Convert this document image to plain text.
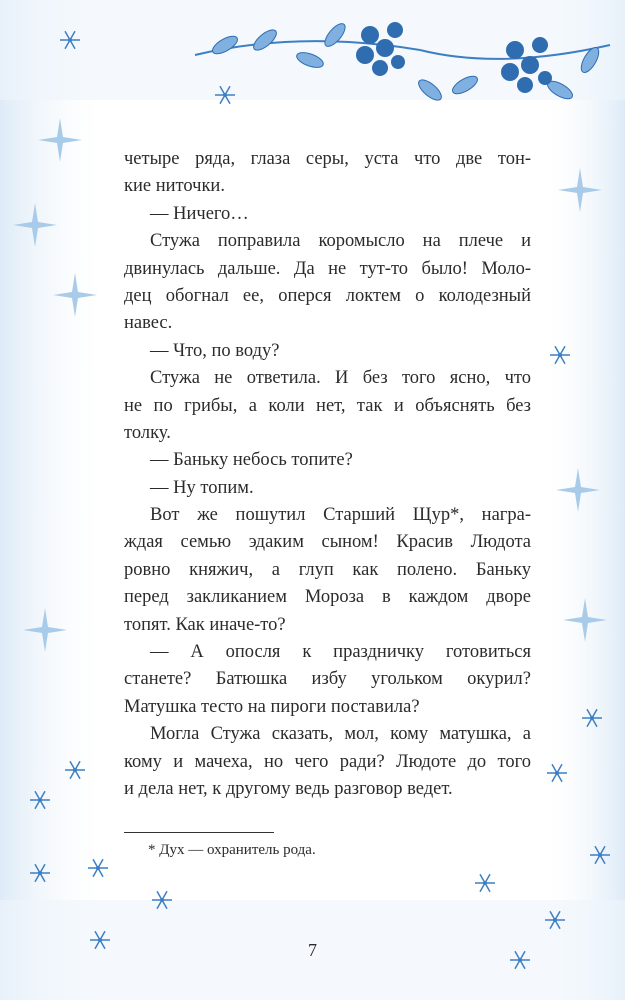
четыре ряда, глаза серы, уста что две тон-
кие ниточки.
— Ничего…
Стужа поправила коромысло на плече и
двинулась дальше. Да не тут-то было! Моло-
дец обогнал ее, оперся локтем о колодезный
навес.
— Что, по воду?
Стужа не ответила. И без того ясно, что
не по грибы, а коли нет, так и объяснять без
толку.
— Баньку небось топите?
— Ну топим.
Вот же пошутил Старший Щур*, награ-
ждая семью эдаким сыном! Красив Людота
ровно княжич, а глуп как полено. Баньку
перед закликанием Мороза в каждом дворе
топят. Как иначе-то?
— А опосля к праздничку готовиться
станете? Батюшка избу угольком окурил?
Матушка тесто на пироги поставила?
Могла Стужа сказать, мол, кому матушка, а
кому и мачеха, но чего ради? Людоте до того
и дела нет, к другому ведь разговор ведет.
* Дух — охранитель рода.
7
